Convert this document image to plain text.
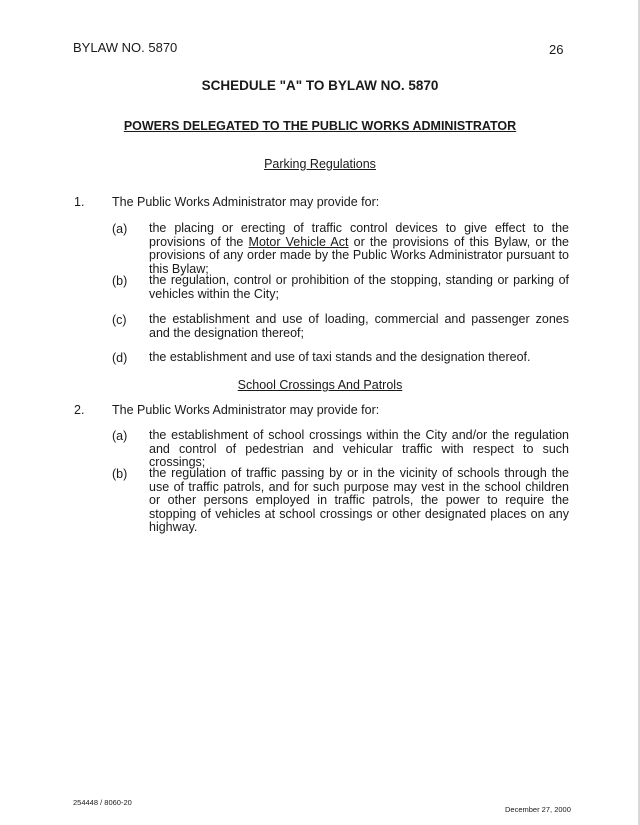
BYLAW NO. 5870	26
SCHEDULE "A" TO BYLAW NO. 5870
POWERS DELEGATED TO THE PUBLIC WORKS ADMINISTRATOR
Parking Regulations
1. The Public Works Administrator may provide for:
(a) the placing or erecting of traffic control devices to give effect to the provisions of the Motor Vehicle Act or the provisions of this Bylaw, or the provisions of any order made by the Public Works Administrator pursuant to this Bylaw;
(b) the regulation, control or prohibition of the stopping, standing or parking of vehicles within the City;
(c) the establishment and use of loading, commercial and passenger zones and the designation thereof;
(d) the establishment and use of taxi stands and the designation thereof.
School Crossings And Patrols
2. The Public Works Administrator may provide for:
(a) the establishment of school crossings within the City and/or the regulation and control of pedestrian and vehicular traffic with respect to such crossings;
(b) the regulation of traffic passing by or in the vicinity of schools through the use of traffic patrols, and for such purpose may vest in the school children or other persons employed in traffic patrols, the power to require the stopping of vehicles at school crossings or other designated places on any highway.
254448 / 8060-20
December 27, 2000
